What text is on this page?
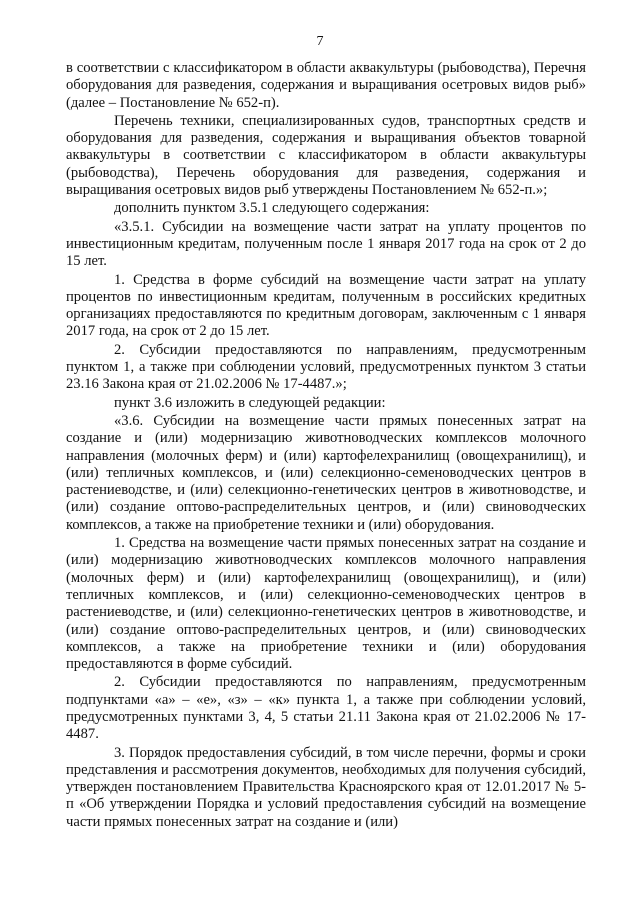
7

в соответствии с классификатором в области аквакультуры (рыбоводства), Перечня оборудования для разведения, содержания и выращивания осетровых видов рыб» (далее – Постановление № 652-п).

Перечень техники, специализированных судов, транспортных средств и оборудования для разведения, содержания и выращивания объектов товарной аквакультуры в соответствии с классификатором в области аквакультуры (рыбоводства), Перечень оборудования для разведения, содержания и выращивания осетровых видов рыб утверждены Постановлением № 652-п.»;

дополнить пунктом 3.5.1 следующего содержания:

«3.5.1. Субсидии на возмещение части затрат на уплату процентов по инвестиционным кредитам, полученным после 1 января 2017 года на срок от 2 до 15 лет.

1. Средства в форме субсидий на возмещение части затрат на уплату процентов по инвестиционным кредитам, полученным в российских кредитных организациях предоставляются по кредитным договорам, заключенным с 1 января 2017 года, на срок от 2 до 15 лет.

2. Субсидии предоставляются по направлениям, предусмотренным пунктом 1, а также при соблюдении условий, предусмотренных пунктом 3 статьи 23.16 Закона края от 21.02.2006 № 17-4487.»;

пункт 3.6 изложить в следующей редакции:

«3.6. Субсидии на возмещение части прямых понесенных затрат на создание и (или) модернизацию животноводческих комплексов молочного направления (молочных ферм) и (или) картофелехранилищ (овощехранилищ), и (или) тепличных комплексов, и (или) селекционно-семеноводческих центров в растениеводстве, и (или) селекционно-генетических центров в животноводстве, и (или) создание оптово-распределительных центров, и (или) свиноводческих комплексов, а также на приобретение техники и (или) оборудования.

1. Средства на возмещение части прямых понесенных затрат на создание и (или) модернизацию животноводческих комплексов молочного направления (молочных ферм) и (или) картофелехранилищ (овощехранилищ), и (или) тепличных комплексов, и (или) селекционно-семеноводческих центров в растениеводстве, и (или) селекционно-генетических центров в животноводстве, и (или) создание оптово-распределительных центров, и (или) свиноводческих комплексов, а также на приобретение техники и (или) оборудования предоставляются в форме субсидий.

2. Субсидии предоставляются по направлениям, предусмотренным подпунктами «а» – «е», «з» – «к» пункта 1, а также при соблюдении условий, предусмотренных пунктами 3, 4, 5 статьи 21.11 Закона края от 21.02.2006 № 17-4487.

3. Порядок предоставления субсидий, в том числе перечни, формы и сроки представления и рассмотрения документов, необходимых для получения субсидий, утвержден постановлением Правительства Красноярского края от 12.01.2017 № 5-п «Об утверждении Порядка и условий предоставления субсидий на возмещение части прямых понесенных затрат на создание и (или)
